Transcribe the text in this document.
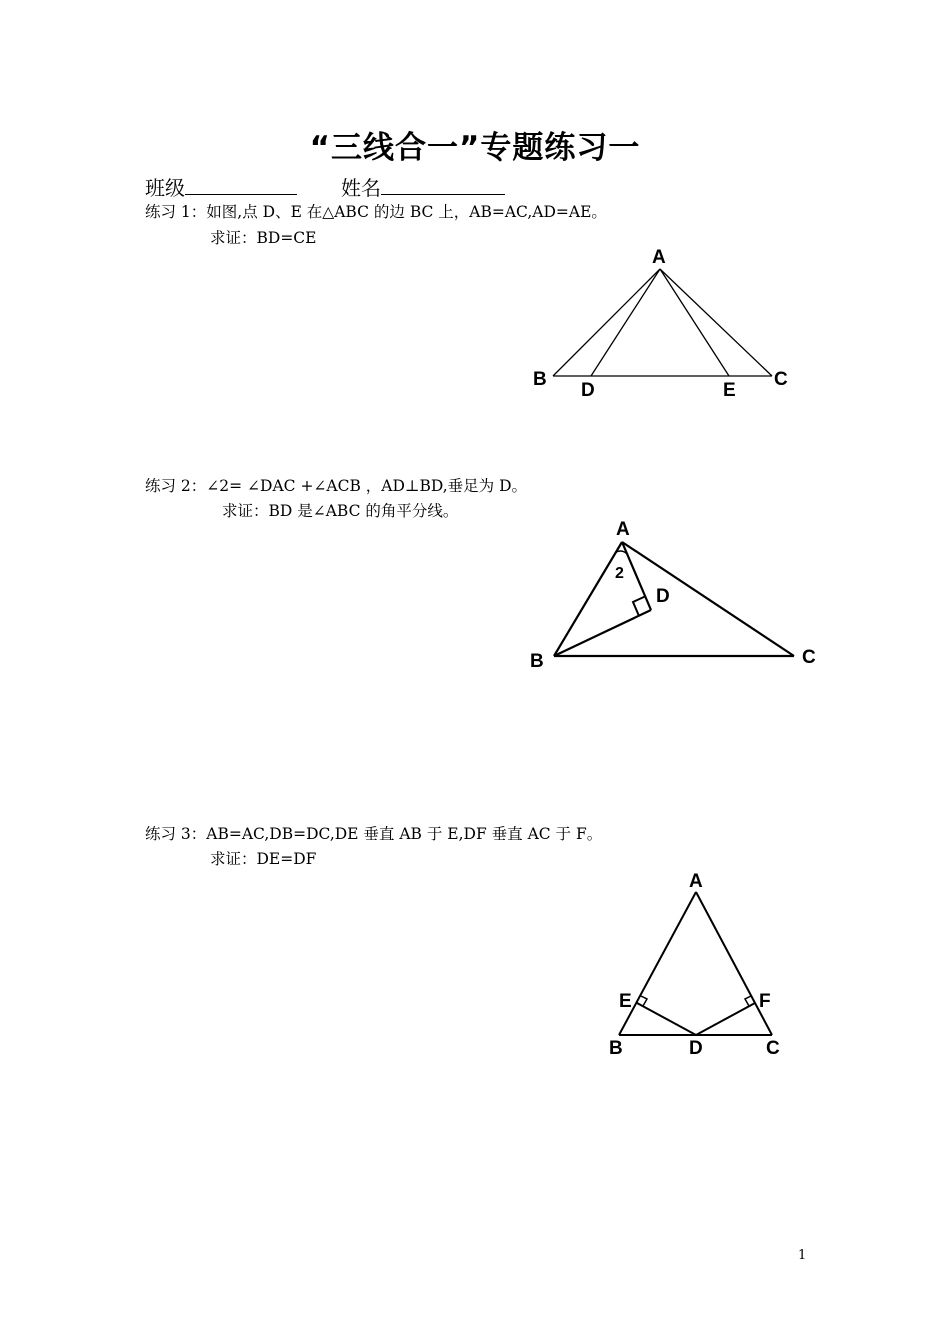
“三线合一”专题练习一
班级	姓名
练习 1：如图,点 D、E 在△ABC 的边 BC 上，AB=AC,AD=AE。
求证：BD=CE
A
B
D	E
C
练习 2：∠2= ∠DAC +∠ACB ，AD⊥BD,垂足为 D。
求证：BD 是∠ABC 的角平分线。
A
2
D
B	C
练习 3：AB=AC,DB=DC,DE 垂直 AB 于 E,DF 垂直 AC 于 F。
求证：DE=DF
A
E	F
B	D	C
1
